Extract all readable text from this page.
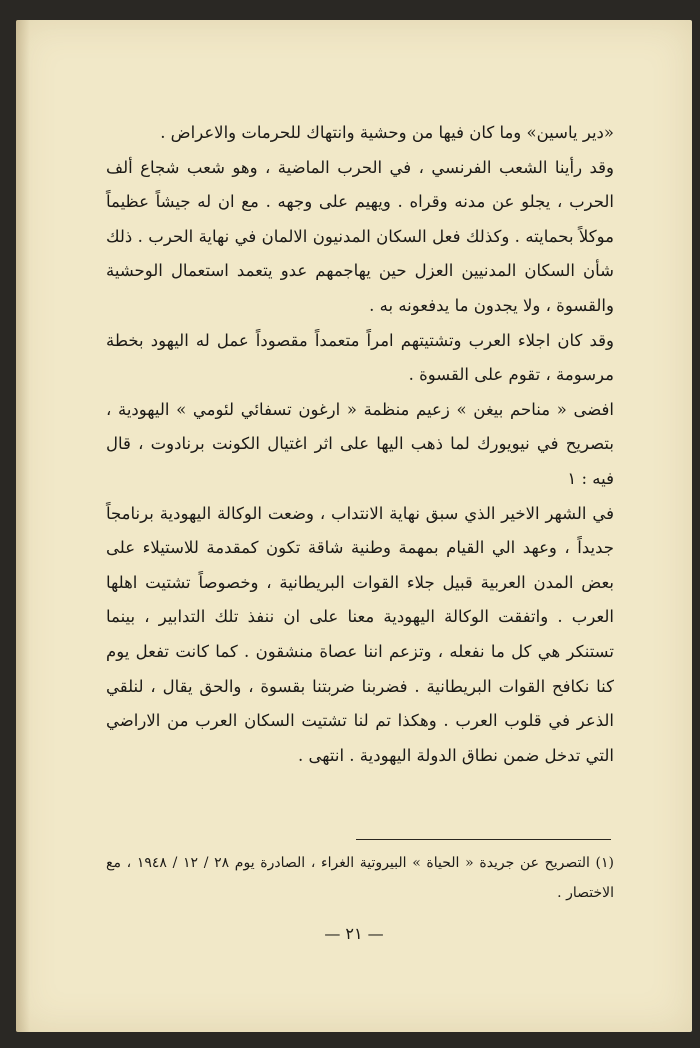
«دير ياسين» وما كان فيها من وحشية وانتهاك للحرمات والاعراض .

وقد رأينا الشعب الفرنسي ، في الحرب الماضية ، وهو شعب شجاع ألف الحرب ، يجلو عن مدنه وقراه . ويهيم على وجهه . مع ان له جيشاً عظيماً موكلاً بحمايته . وكذلك فعل السكان المدنيون الالمان في نهاية الحرب . ذلك شأن السكان المدنيين العزل حين يهاجمهم عدو يتعمد استعمال الوحشية والقسوة ، ولا يجدون ما يدفعونه به .

وقد كان اجلاء العرب وتشتيتهم امراً متعمداً مقصوداً عمل له اليهود بخطة مرسومة ، تقوم على القسوة .

افضى « مناحم بيغن » زعيم منظمة « ارغون تسفائي لئومي » اليهودية ، بتصريح في نيويورك لما ذهب اليها على اثر اغتيال الكونت برنادوت ، قال فيه : ١

في الشهر الاخير الذي سبق نهاية الانتداب ، وضعت الوكالة اليهودية برنامجاً جديداً ، وعهد الي القيام بمهمة وطنية شاقة تكون كمقدمة للاستيلاء على بعض المدن العربية قبيل جلاء القوات البريطانية ، وخصوصاً تشتيت اهلها العرب . واتفقت الوكالة اليهودية معنا على ان ننفذ تلك التدابير ، بينما تستنكر هي كل ما نفعله ، وتزعم اننا عصاة منشقون . كما كانت تفعل يوم كنا نكافح القوات البريطانية . فضربنا ضربتنا بقسوة ، والحق يقال ، لنلقي الذعر في قلوب العرب . وهكذا تم لنا تشتيت السكان العرب من الاراضي التي تدخل ضمن نطاق الدولة اليهودية . انتهى .

(١) التصريح عن جريدة « الحياة » البيروتية الغراء ، الصادرة يوم ٢٨ / ١٢ / ١٩٤٨ ، مع الاختصار .

— ٢١ —
